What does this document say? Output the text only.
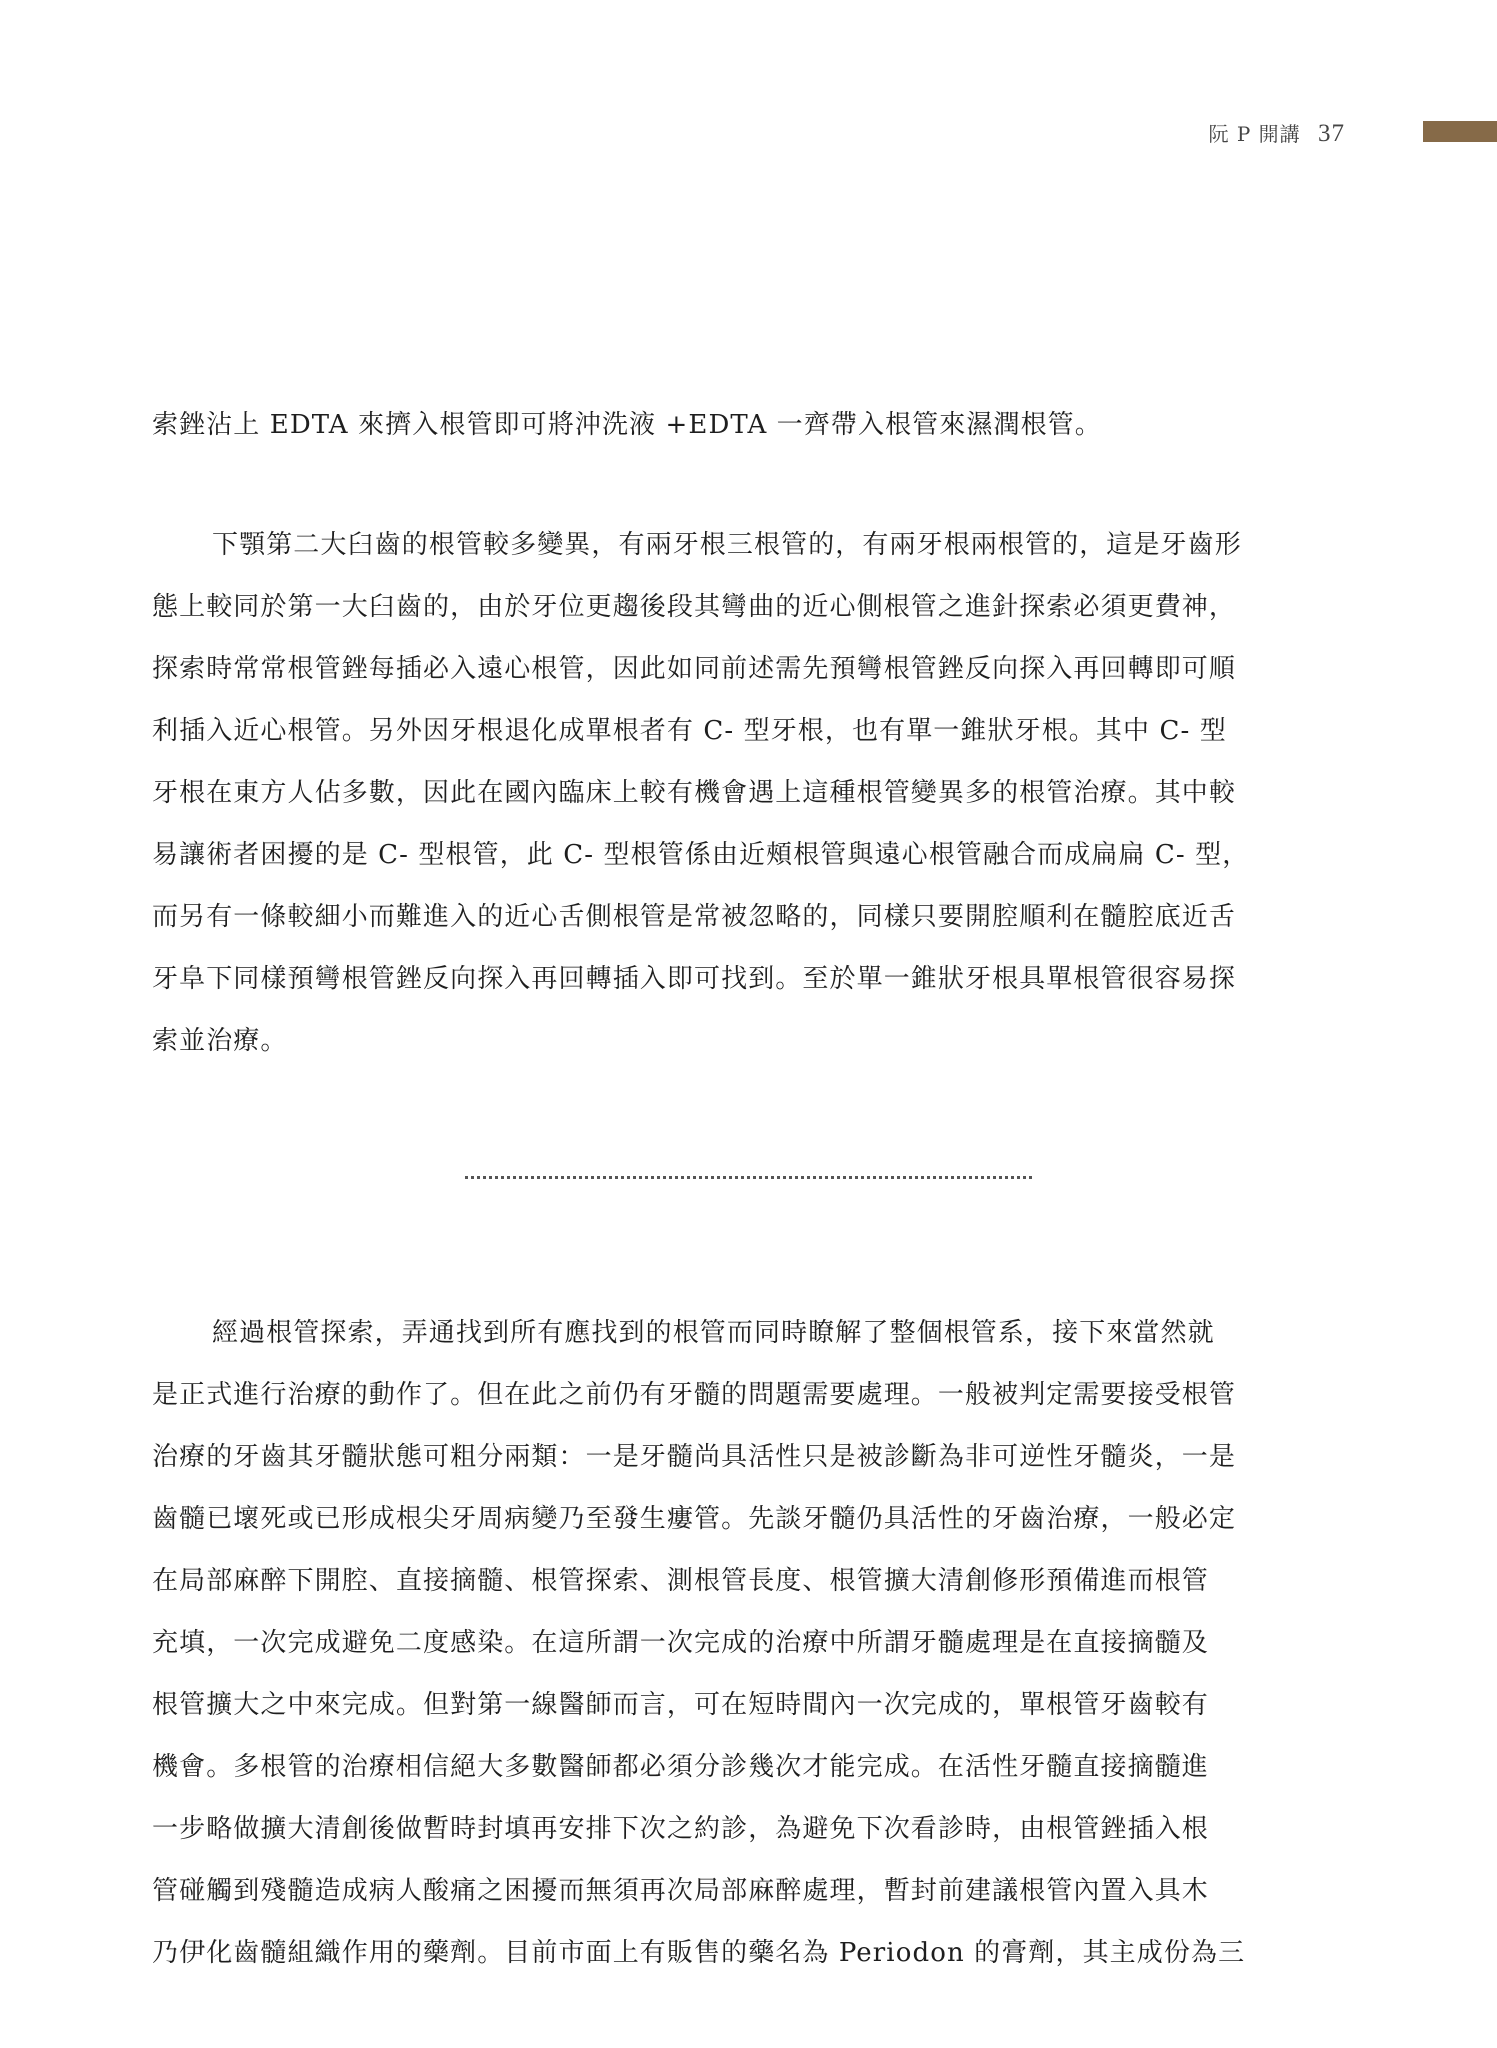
阮 P 開講 37
索銼沾上 EDTA 來擠入根管即可將沖洗液 +EDTA 一齊帶入根管來濕潤根管。
下顎第二大臼齒的根管較多變異，有兩牙根三根管的，有兩牙根兩根管的，這是牙齒形
態上較同於第一大臼齒的，由於牙位更趨後段其彎曲的近心側根管之進針探索必須更費神，
探索時常常根管銼每插必入遠心根管，因此如同前述需先預彎根管銼反向探入再回轉即可順
利插入近心根管。另外因牙根退化成單根者有 C- 型牙根，也有單一錐狀牙根。其中 C- 型
牙根在東方人佔多數，因此在國內臨床上較有機會遇上這種根管變異多的根管治療。其中較
易讓術者困擾的是 C- 型根管，此 C- 型根管係由近頰根管與遠心根管融合而成扁扁 C- 型，
而另有一條較細小而難進入的近心舌側根管是常被忽略的，同樣只要開腔順利在髓腔底近舌
牙阜下同樣預彎根管銼反向探入再回轉插入即可找到。至於單一錐狀牙根具單根管很容易探
索並治療。
經過根管探索，弄通找到所有應找到的根管而同時瞭解了整個根管系，接下來當然就
是正式進行治療的動作了。但在此之前仍有牙髓的問題需要處理。一般被判定需要接受根管
治療的牙齒其牙髓狀態可粗分兩類：一是牙髓尚具活性只是被診斷為非可逆性牙髓炎，一是
齒髓已壞死或已形成根尖牙周病變乃至發生瘻管。先談牙髓仍具活性的牙齒治療，一般必定
在局部麻醉下開腔、直接摘髓、根管探索、測根管長度、根管擴大清創修形預備進而根管
充填，一次完成避免二度感染。在這所謂一次完成的治療中所謂牙髓處理是在直接摘髓及
根管擴大之中來完成。但對第一線醫師而言，可在短時間內一次完成的，單根管牙齒較有
機會。多根管的治療相信絕大多數醫師都必須分診幾次才能完成。在活性牙髓直接摘髓進
一步略做擴大清創後做暫時封填再安排下次之約診，為避免下次看診時，由根管銼插入根
管碰觸到殘髓造成病人酸痛之困擾而無須再次局部麻醉處理，暫封前建議根管內置入具木
乃伊化齒髓組織作用的藥劑。目前市面上有販售的藥名為 Periodon 的膏劑，其主成份為三
